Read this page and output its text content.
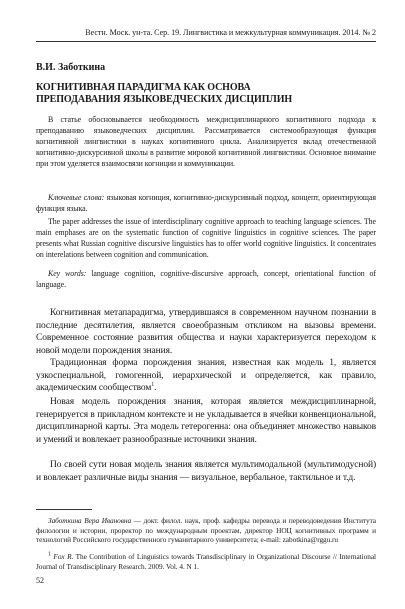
Вестн. Моск. ун-та. Сер. 19. Лингвистика и межкультурная коммуникация. 2014. № 2
В.И. Заботкина
КОГНИТИВНАЯ ПАРАДИГМА КАК ОСНОВА
ПРЕПОДАВАНИЯ ЯЗЫКОВЕДЧЕСКИХ ДИСЦИПЛИН
В статье обосновывается необходимость междисциплинарного когнитивного подхода к преподаванию языковедческих дисциплин. Рассматривается системообразующая функция когнитивной лингвистики в науках когнитивного цикла. Анализируется вклад отечественной когнитивно-дискурсивной школы в развитие мировой когнитивной лингвистики. Основное внимание при этом уделяется взаимосвязи когниции и коммуникации.
Ключевые слова: языковая когниция, когнитивно-дискурсивный подход, концепт, ориентирующая функция языка.
The paper addresses the issue of interdisciplinary cognitive approach to teaching language sciences. The main emphases are on the systematic function of cognitive linguistics in cognitive sciences. The paper presents what Russian cognitive discursive linguistics has to offer world cognitive linguistics. It concentrates on interelations between cognition and communication.
Key words: language cognition, cognitive-discursive approach, concept, orientational function of language.
Когнитивная метапарадигма, утвердившаяся в современном научном познании в последние десятилетия, является своеобразным откликом на вызовы времени. Современное состояние развития общества и науки характеризуется переходом к новой модели порождения знания.
Традиционная форма порождения знания, известная как модель 1, является узкоспециальной, гомогенной, иерархической и определяется, как правило, академическим сообществом$^1$.
Новая модель порождения знания, которая является междисциплинарной, генерируется в прикладном контексте и не укладывается в ячейки конвенциональной, дисциплинарной карты. Эта модель гетерогенна: она объединяет множество навыков и умений и вовлекает разнообразные источники знания.
По своей сути новая модель знания является мультимодальной (мультимодусной) и вовлекает различные виды знания — визуальное, вербальное, тактильное и т.д.
Заботкина Вера Ивановна — докт. филол. наук, проф. кафедры перевода и переводоведения Института филологии и истории, проректор по международным проектам, директор НОЦ когнитивных программ и технологий Российского государственного гуманитарного университета; e-mail: zabotkina@rggu.ru
$^1$ Fox R. The Contribution of Linguistics towards Transdisciplinary in Organizational Discourse // International Journal of Transdisciplinary Research. 2009. Vol. 4. N 1.
52
